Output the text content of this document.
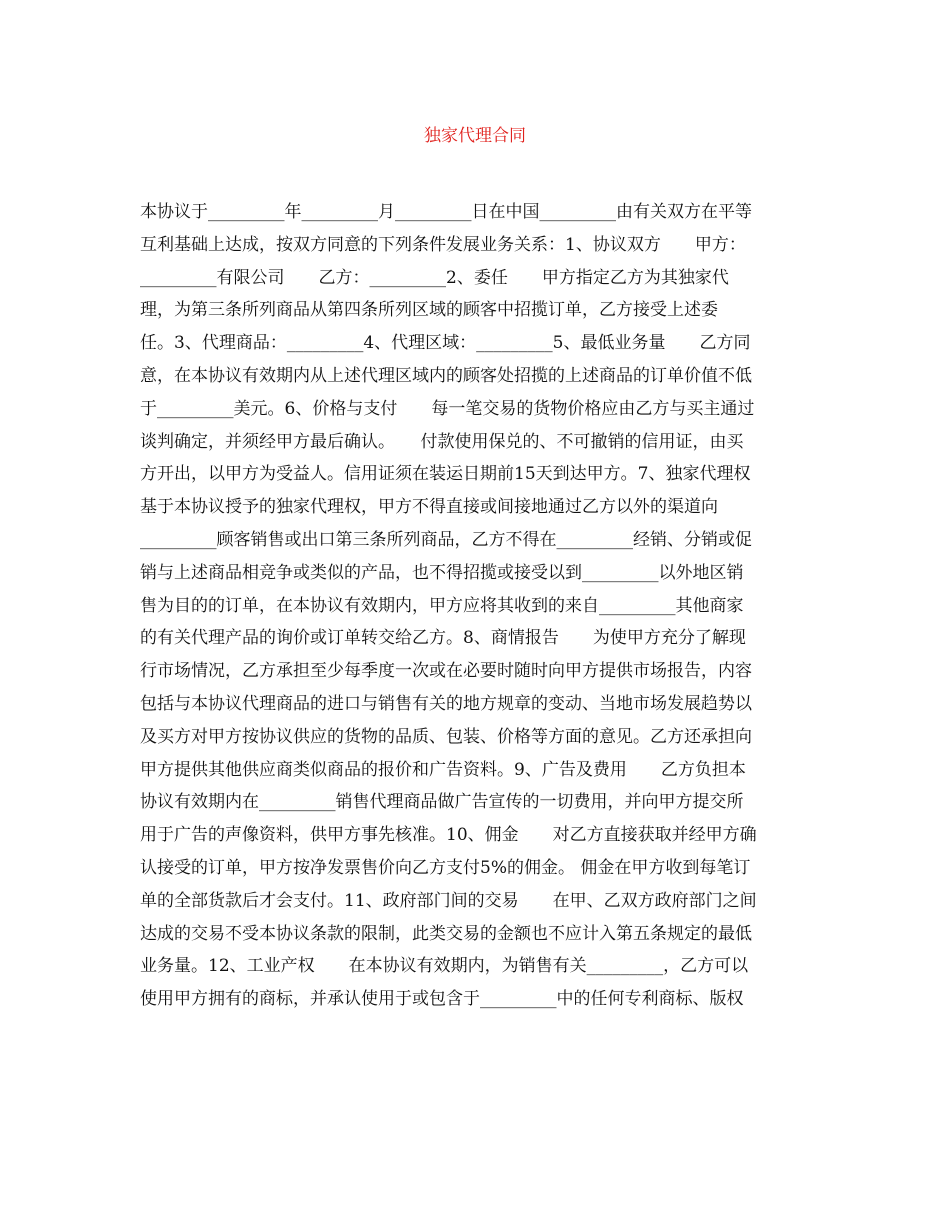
独家代理合同
本协议于_________年_________月_________日在中国_________由有关双方在平等
互利基础上达成，按双方同意的下列条件发展业务关系：1、协议双方　　甲方：
_________有限公司　　乙方：_________2、委任　　甲方指定乙方为其独家代
理，为第三条所列商品从第四条所列区域的顾客中招揽订单，乙方接受上述委
任。3、代理商品：_________4、代理区域：_________5、最低业务量　　乙方同
意，在本协议有效期内从上述代理区域内的顾客处招揽的上述商品的订单价值不低
于_________美元。6、价格与支付　　每一笔交易的货物价格应由乙方与买主通过
谈判确定，并须经甲方最后确认。　　付款使用保兑的、不可撤销的信用证，由买
方开出，以甲方为受益人。信用证须在装运日期前15天到达甲方。7、独家代理权
基于本协议授予的独家代理权，甲方不得直接或间接地通过乙方以外的渠道向
_________顾客销售或出口第三条所列商品，乙方不得在_________经销、分销或促
销与上述商品相竞争或类似的产品，也不得招揽或接受以到_________以外地区销
售为目的的订单，在本协议有效期内，甲方应将其收到的来自_________其他商家
的有关代理产品的询价或订单转交给乙方。8、商情报告　　为使甲方充分了解现
行市场情况，乙方承担至少每季度一次或在必要时随时向甲方提供市场报告，内容
包括与本协议代理商品的进口与销售有关的地方规章的变动、当地市场发展趋势以
及买方对甲方按协议供应的货物的品质、包装、价格等方面的意见。乙方还承担向
甲方提供其他供应商类似商品的报价和广告资料。9、广告及费用　　乙方负担本
协议有效期内在_________销售代理商品做广告宣传的一切费用，并向甲方提交所
用于广告的声像资料，供甲方事先核准。10、佣金　　对乙方直接获取并经甲方确
认接受的订单，甲方按净发票售价向乙方支付5%的佣金。 佣金在甲方收到每笔订
单的全部货款后才会支付。11、政府部门间的交易　　在甲、乙双方政府部门之间
达成的交易不受本协议条款的限制，此类交易的金额也不应计入第五条规定的最低
业务量。12、工业产权　　在本协议有效期内，为销售有关_________，乙方可以
使用甲方拥有的商标，并承认使用于或包含于_________中的任何专利商标、版权
